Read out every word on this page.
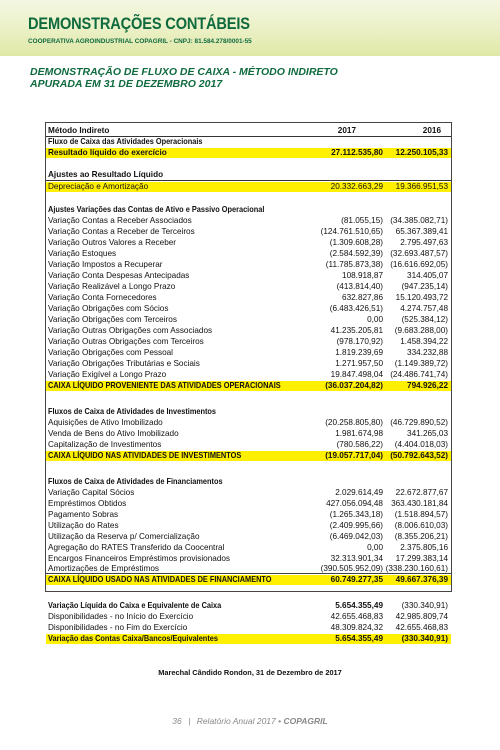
DEMONSTRAÇÕES CONTÁBEIS
COOPERATIVA AGROINDUSTRIAL COPAGRIL - CNPJ: 81.584.278/0001-55
DEMONSTRAÇÃO DE FLUXO DE CAIXA - MÉTODO INDIRETO
APURADA EM 31 DE DEZEMBRO 2017
Método Indireto	2017	2016
Fluxo de Caixa das Atividades Operacionais
Resultado líquido do exercício	27.112.535,80 12.250.105,33
Ajustes ao Resultado Líquido
Depreciação e Amortização	20.332.663,29 19.366.951,53
Ajustes Variações das Contas de Ativo e Passivo Operacional
Variação Contas a Receber Associados	(81.055,15) (34.385.082,71)
Variação Contas a Receber de Terceiros	(124.761.510,65) 65.367.389,41
Variação Outros Valores a Receber	(1.309.608,28) 2.795.497,63
Variação Estoques	(2.584.592,39) (32.693.487,57)
Variação Impostos a Recuperar	(11.785.873,38) (16.616.692,05)
Variação Conta Despesas Antecipadas	108.918,87	314.405,07
Variação Realizável a Longo Prazo	(413.814,40) (947.235,14)
Variação Conta Fornecedores	632.827,86 15.120.493,72
Variação Obrigações com Sócios	(6.483.426,51) 4.274.757,48
Variação Obrigações com Terceiros	0,00 (525.384,12)
Variação Outras Obrigações com Associados	41.235.205,81 (9.683.288,00)
Variação Outras Obrigações com Terceiros	(978.170,92) 1.458.394,22
Variação Obrigações com Pessoal	1.819.239,69	334.232,88
Variação Obrigações Tributárias e Sociais	1.271.957,50 (1.149.389,72)
Variação Exigível a Longo Prazo	19.847.498,04 (24.486.741,74)
CAIXA LÍQUIDO PROVENIENTE DAS ATIVIDADES OPERACIONAIS	(36.037.204,82)	794.926,22
Fluxos de Caixa de Atividades de Investimentos
Aquisições de Ativo Imobilizado	(20.258.805,80) (46.729.890,52)
Venda de Bens do Ativo Imobilizado	1.981.674,98	341.265,03
Capitalização de Investimentos	(780.586,22) (4.404.018,03)
CAIXA LÍQUIDO NAS ATIVIDADES DE INVESTIMENTOS	(19.057.717,04) (50.792.643,52)
Fluxos de Caixa de Atividades de Financiamentos
Variação Capital Sócios	2.029.614,49 22.672.877,67
Empréstimos Obtidos	427.056.094,48 363.430.181,84
Pagamento Sobras	(1.265.343,18) (1.518.894,57)
Utilização do Rates	(2.409.995,66) (8.006.610,03)
Utilização da Reserva p/ Comercialização	(6.469.042,03) (8.355.206,21)
Agregação do RATES Transferido da Coocentral	0,00 2.375.805,16
Encargos Financeiros Empréstimos provisionados	32.313.901,34 17.299.383,14
Amortizações de Empréstimos	(390.505.952,09) (338.230.160,61)
CAIXA LÍQUIDO USADO NAS ATIVIDADES DE FINANCIAMENTO	60.749.277,35 49.667.376,39
Variação Líquida do Caixa e Equivalente de Caixa	5.654.355,49 (330.340,91)
Disponibilidades - no Início do Exercício	42.655.468,83 42.985.809,74
Disponibilidades - no Fim do Exercício	48.309.824,32 42.655.468,83
Variação das Contas Caixa/Bancos/Equivalentes	5.654.355,49 (330.340,91)
Marechal Cândido Rondon, 31 de Dezembro de 2017
36 | Relatório Anual 2017 • COPAGRIL
